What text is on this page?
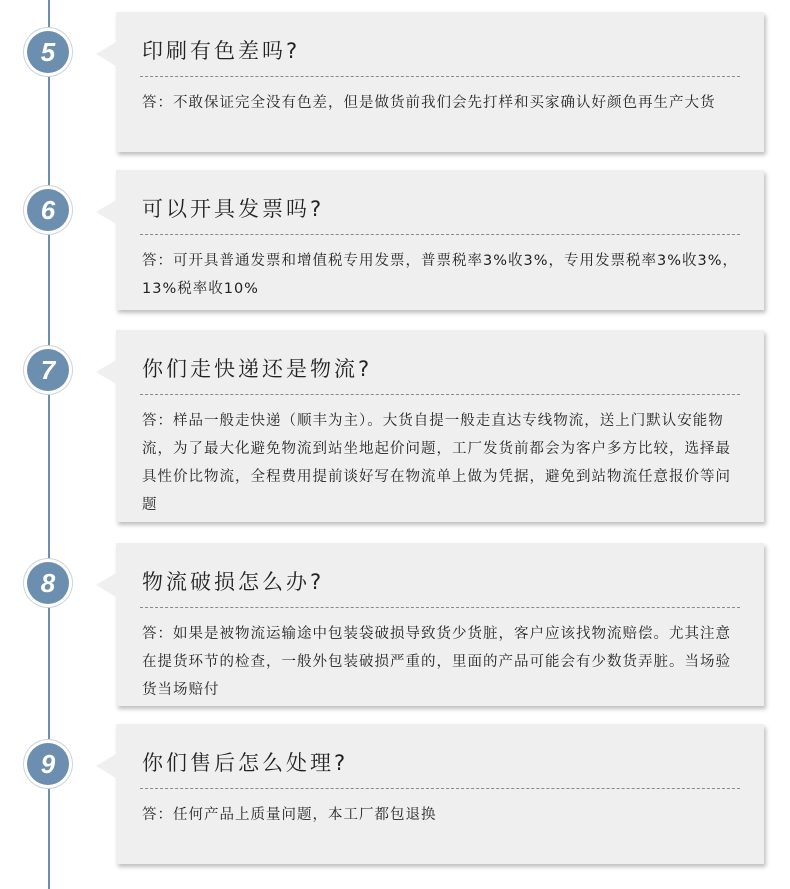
5	印刷有色差吗?
答：不敢保证完全没有色差，但是做货前我们会先打样和买家确认好颜色再生产大货
6	可以开具发票吗?
答：可开具普通发票和增值税专用发票，普票税率3%收3%，专用发票税率3%收3%，13%税率收10%
7	你们走快递还是物流?
答：样品一般走快递（顺丰为主）。大货自提一般走直达专线物流，送上门默认安能物流，为了最大化避免物流到站坐地起价问题，工厂发货前都会为客户多方比较，选择最具性价比物流，全程费用提前谈好写在物流单上做为凭据，避免到站物流任意报价等问题
8	物流破损怎么办?
答：如果是被物流运输途中包装袋破损导致货少货脏，客户应该找物流赔偿。尤其注意在提货环节的检查，一般外包装破损严重的，里面的产品可能会有少数货弄脏。当场验货当场赔付
9	你们售后怎么处理?
答：任何产品上质量问题，本工厂都包退换
